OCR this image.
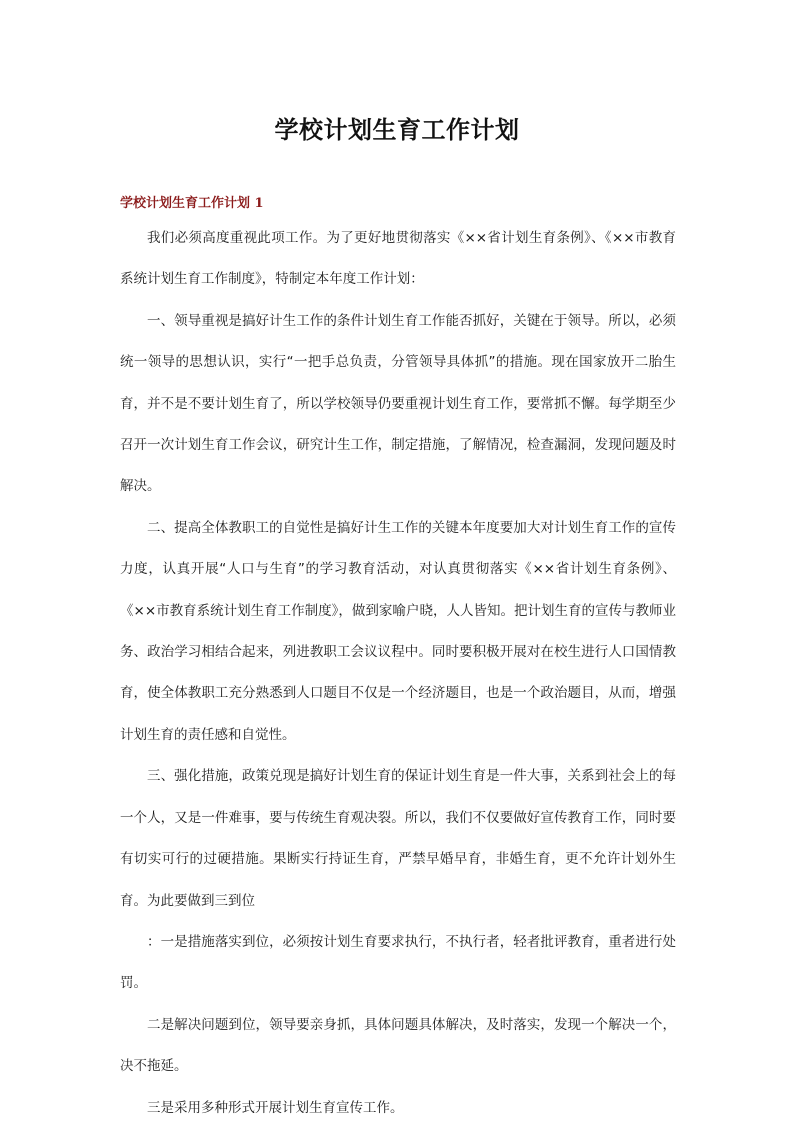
学校计划生育工作计划
学校计划生育工作计划 1

我们必须高度重视此项工作。为了更好地贯彻落实《××省计划生育条例》、《××市教育系统计划生育工作制度》，特制定本年度工作计划：

一、领导重视是搞好计生工作的条件计划生育工作能否抓好，关键在于领导。所以，必须统一领导的思想认识，实行“一把手总负责，分管领导具体抓”的措施。现在国家放开二胎生育，并不是不要计划生育了，所以学校领导仍要重视计划生育工作，要常抓不懈。每学期至少召开一次计划生育工作会议，研究计生工作，制定措施，了解情况，检查漏洞，发现问题及时解决。

二、提高全体教职工的自觉性是搞好计生工作的关键本年度要加大对计划生育工作的宣传力度，认真开展“人口与生育”的学习教育活动，对认真贯彻落实《××省计划生育条例》、《××市教育系统计划生育工作制度》，做到家喻户晓，人人皆知。把计划生育的宣传与教师业务、政治学习相结合起来，列进教职工会议议程中。同时要积极开展对在校生进行人口国情教育，使全体教职工充分熟悉到人口题目不仅是一个经济题目，也是一个政治题目，从而，增强计划生育的责任感和自觉性。

三、强化措施，政策兑现是搞好计划生育的保证计划生育是一件大事，关系到社会上的每一个人，又是一件难事，要与传统生育观决裂。所以，我们不仅要做好宣传教育工作，同时要有切实可行的过硬措施。果断实行持证生育，严禁早婚早育，非婚生育，更不允许计划外生育。为此要做到三到位

：一是措施落实到位，必须按计划生育要求执行，不执行者，轻者批评教育，重者进行处罚。

二是解决问题到位，领导要亲身抓，具体问题具体解决，及时落实，发现一个解决一个，决不拖延。

三是采用多种形式开展计划生育宣传工作。
